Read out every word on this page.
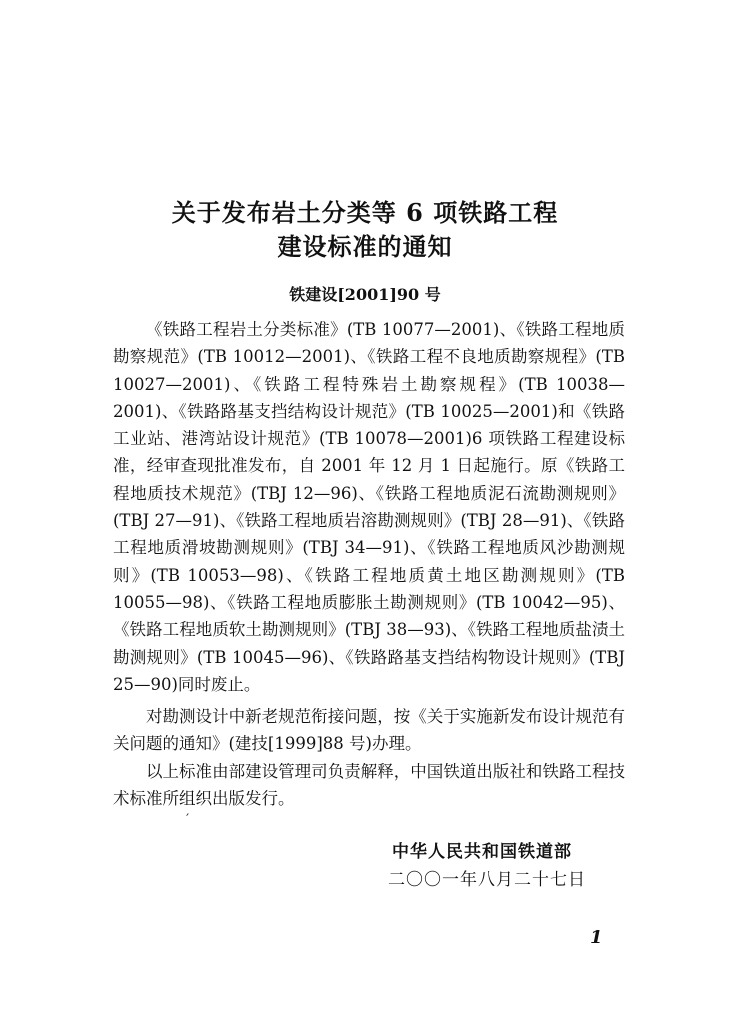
关于发布岩土分类等 6 项铁路工程
建设标准的通知
铁建设[2001]90 号

《铁路工程岩土分类标准》(TB 10077—2001)、《铁路工程地质勘察规范》(TB 10012—2001)、《铁路工程不良地质勘察规程》(TB 10027—2001)、《铁路工程特殊岩土勘察规程》(TB 10038—2001)、《铁路路基支挡结构设计规范》(TB 10025—2001)和《铁路工业站、港湾站设计规范》(TB 10078—2001)6 项铁路工程建设标准，经审查现批准发布，自 2001 年 12 月 1 日起施行。原《铁路工程地质技术规范》(TBJ 12—96)、《铁路工程地质泥石流勘测规则》(TBJ 27—91)、《铁路工程地质岩溶勘测规则》(TBJ 28—91)、《铁路工程地质滑坡勘测规则》(TBJ 34—91)、《铁路工程地质风沙勘测规则》(TB 10053—98)、《铁路工程地质黄土地区勘测规则》(TB 10055—98)、《铁路工程地质膨胀土勘测规则》(TB 10042—95)、《铁路工程地质软土勘测规则》(TBJ 38—93)、《铁路工程地质盐渍土勘测规则》(TB 10045—96)、《铁路路基支挡结构物设计规则》(TBJ 25—90)同时废止。

对勘测设计中新老规范衔接问题，按《关于实施新发布设计规范有关问题的通知》(建技[1999]88 号)办理。

以上标准由部建设管理司负责解释，中国铁道出版社和铁路工程技术标准所组织出版发行。

′
中华人民共和国铁道部
二〇〇一年八月二十七日
1
